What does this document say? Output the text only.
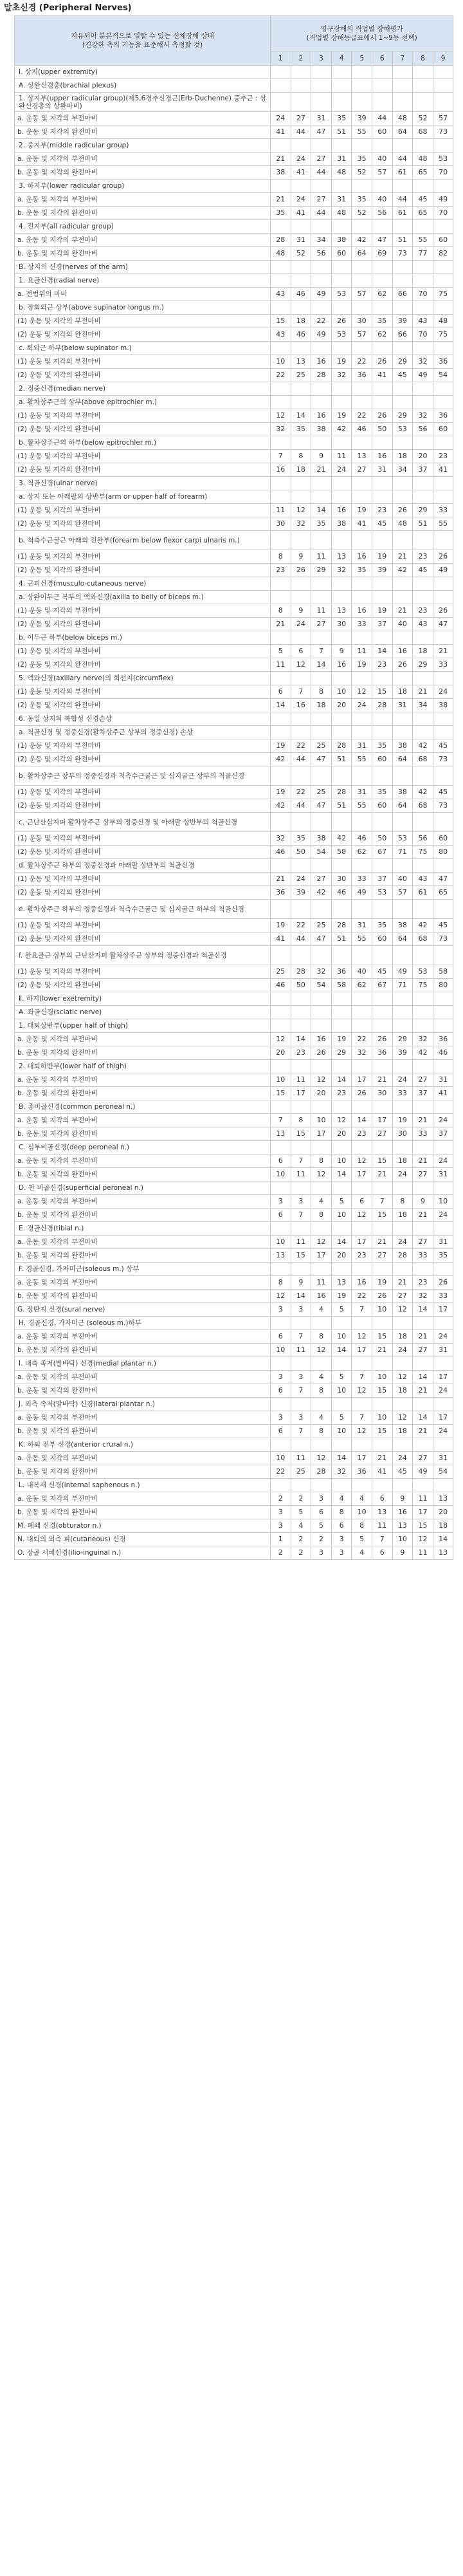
말초신경 (Peripheral Nerves)
지유되어 분본적으로 일할 수 있는 신체장해 상태
(건강한 측의 기능을 표준해서 측정할 것)	영구장해의 직업별 장해평가
(직업별 장해등급표에서 1~9등 선택)								
	1	2	3	4	5	6	7	8	9
Ⅰ. 상지(upper extremity)									
A. 상완신경총(brachial plexus)									
1. 상지부(upper radicular group)(제5,6경추신경근(Erb-Duchenne) 중추근 : 상완신경총의 상완마비)									
a. 운동 및 지각의 부전마비	24	27	31	35	39	44	48	52	57
b. 운동 및 지각의 완전마비	41	44	47	51	55	60	64	68	73
2. 중지부(middle radicular group)									
a. 운동 및 지각의 부전마비	21	24	27	31	35	40	44	48	53
b. 운동 및 지각의 완전마비	38	41	44	48	52	57	61	65	70
3. 하지부(lower radicular group)									
a. 운동 및 지각의 부전마비	21	24	27	31	35	40	44	45	49
b. 운동 및 지각의 완전마비	35	41	44	48	52	56	61	65	70
4. 전지부(all radicular group)									
a. 운동 및 지각의 부전마비	28	31	34	38	42	47	51	55	60
b. 운동 및 지각의 완전마비	48	52	56	60	64	69	73	77	82
B. 상지의 신경(nerves of the arm)									
1. 요골신경(radial nerve)									
a. 전범위의 마비	43	46	49	53	57	62	66	70	75
b. 장회외근 상부(above supinator longus m.)									
(1) 운동 및 지각의 부전마비	15	18	22	26	30	35	39	43	48
(2) 운동 및 지각의 완전마비	43	46	49	53	57	62	66	70	75
c. 회외근 하부(below supinator m.)									
(1) 운동 및 지각의 부전마비	10	13	16	19	22	26	29	32	36
(2) 운동 및 지각의 완전마비	22	25	28	32	36	41	45	49	54
2. 정중신경(median nerve)									
a. 활차상주근의 상부(above epitrochler m.)									
(1) 운동 및 지각의 부전마비	12	14	16	19	22	26	29	32	36
(2) 운동 및 지각의 완전마비	32	35	38	42	46	50	53	56	60
b. 활차상주근의 하부(below epitrochler m.)									
(1) 운동 및 지각의 부전마비	7	8	9	11	13	16	18	20	23
(2) 운동 및 지각의 완전마비	16	18	21	24	27	31	34	37	41
3. 척골신경(ulnar nerve)									
a. 상지 또는 아래팔의 상반부(arm or upper half of forearm)									
(1) 운동 및 지각의 부전마비	11	12	14	16	19	23	26	29	33
(2) 운동 및 지각의 완전마비	30	32	35	38	41	45	48	51	55
b. 척측수근굴근 아래의 전완부(forearm below flexor carpi ulnaris m.)									
(1) 운동 및 지각의 부전마비	8	9	11	13	16	19	21	23	26
(2) 운동 및 지각의 완전마비	23	26	29	32	35	39	42	45	49
4. 근피신경(musculo-cutaneous nerve)									
a. 상완이두근 복부의 액와신경(axilla to belly of biceps m.)									
(1) 운동 및 지각의 부전마비	8	9	11	13	16	19	21	23	26
(2) 운동 및 지각의 완전마비	21	24	27	30	33	37	40	43	47
b. 이두근 하부(below biceps m.)									
(1) 운동 및 지각의 부전마비	5	6	7	9	11	14	16	18	21
(2) 운동 및 지각의 완전마비	11	12	14	16	19	23	26	29	33
5. 액와신경(axillary nerve)의 회선지(circumflex)									
(1) 운동 및 지각의 부전마비	6	7	8	10	12	15	18	21	24
(2) 운동 및 지각의 완전마비	14	16	18	20	24	28	31	34	38
6. 동일 상지의 복합성 신경손상									
a. 척골신경 및 정중신경(활차상주근 상부의 정중신경) 손상									
(1) 운동 및 지각의 부전마비	19	22	25	28	31	35	38	42	45
(2) 운동 및 지각의 완전마비	42	44	47	51	55	60	64	68	73
b. 활차상주근 상부의 정중신경과 척측수근굴근 및 심지굴근 상부의 척골신경									
(1) 운동 및 지각의 부전마비	19	22	25	28	31	35	38	42	45
(2) 운동 및 지각의 완전마비	42	44	47	51	55	60	64	68	73
c. 근난산심지피 활차상주근 상부의 정중신경 및 아래팔 상반부의 척골신경									
(1) 운동 및 지각의 부전마비	32	35	38	42	46	50	53	56	60
(2) 운동 및 지각의 완전마비	46	50	54	58	62	67	71	75	80
d. 활차상주근 하부의 정중신경과 아래팔 상반부의 척골신경									
(1) 운동 및 지각의 부전마비	21	24	27	30	33	37	40	43	47
(2) 운동 및 지각의 완전마비	36	39	42	46	49	53	57	61	65
e. 활차상주근 하부의 정중신경과 척측수근굴근 및 심지굴근 하부의 척골신경									
(1) 운동 및 지각의 부전마비	19	22	25	28	31	35	38	42	45
(2) 운동 및 지각의 완전마비	41	44	47	51	55	60	64	68	73
f. 완요골근 상부의 근난산지피 활차상주근 상부의 정중신경과 척골신경									
(1) 운동 및 지각의 부전마비	25	28	32	36	40	45	49	53	58
(2) 운동 및 지각의 완전마비	46	50	54	58	62	67	71	75	80
Ⅱ. 하지(lower exetremity)									
A. 좌골신경(sciatic nerve)									
1. 대퇴상반부(upper half of thigh)									
a. 운동 및 지각의 부전마비	12	14	16	19	22	26	29	32	36
b. 운동 및 지각의 완전마비	20	23	26	29	32	36	39	42	46
2. 대퇴하반부(lower half of thigh)									
a. 운동 및 지각의 부전마비	10	11	12	14	17	21	24	27	31
b. 운동 및 지각의 완전마비	15	17	20	23	26	30	33	37	41
B. 총비골신경(common peroneal n.)									
a. 운동 및 지각의 부전마비	7	8	10	12	14	17	19	21	24
b. 운동 및 지각의 완전마비	13	15	17	20	23	27	30	33	37
C. 심부비골신경(deep peroneal n.)									
a. 운동 및 지각의 부전마비	6	7	8	10	12	15	18	21	24
b. 운동 및 지각의 완전마비	10	11	12	14	17	21	24	27	31
D. 천 비골신경(superficial peroneal n.)									
a. 운동 및 지각의 부전마비	3	3	4	5	6	7	8	9	10
b. 운동 및 지각의 완전마비	6	7	8	10	12	15	18	21	24
E. 경골신경(tibial n.)									
a. 운동 및 지각의 부전마비	10	11	12	14	17	21	24	27	31
b. 운동 및 지각의 완전마비	13	15	17	20	23	27	28	33	35
F. 경골신경, 가자미근(soleous m.) 상부									
a. 운동 및 지각의 부전마비	8	9	11	13	16	19	21	23	26
b. 운동 및 지각의 완전마비	12	14	16	19	22	26	27	32	33
G. 장딴지 신경(sural nerve)	3	3	4	5	7	10	12	14	17
H. 경골신경, 가자미근 (soleous m.)하부									
a. 운동 및 지각의 부전마비	6	7	8	10	12	15	18	21	24
b. 운동 및 지각의 완전마비	10	11	12	14	17	21	24	27	31
I. 내측 족저(발바닥) 신경(medial plantar n.)									
a. 운동 및 지각의 부전마비	3	3	4	5	7	10	12	14	17
b. 운동 및 지각의 완전마비	6	7	8	10	12	15	18	21	24
J. 외측 족저(발바닥) 신경(lateral plantar n.)									
a. 운동 및 지각의 부전마비	3	3	4	5	7	10	12	14	17
b. 운동 및 지각의 완전마비	6	7	8	10	12	15	18	21	24
K. 하퇴 전부 신경(anterior crural n.)									
a. 운동 및 지각의 부전마비	10	11	12	14	17	21	24	27	31
b. 운동 및 지각의 완전마비	22	25	28	32	36	41	45	49	54
L. 내복재 신경(internal saphenous n.)									
a. 운동 및 지각의 부전마비	2	2	3	4	4	6	9	11	13
b. 운동 및 지각의 완전마비	3	5	6	8	10	13	16	17	20
M. 폐쇄 신경(obturator n.)	3	4	5	6	8	11	13	15	18
N. 대퇴의 외측 피(cutaneous) 신경	1	2	2	3	5	7	10	12	14
O. 장골 서혜신경(ilio-inguinal n.)	2	2	3	3	4	6	9	11	13
